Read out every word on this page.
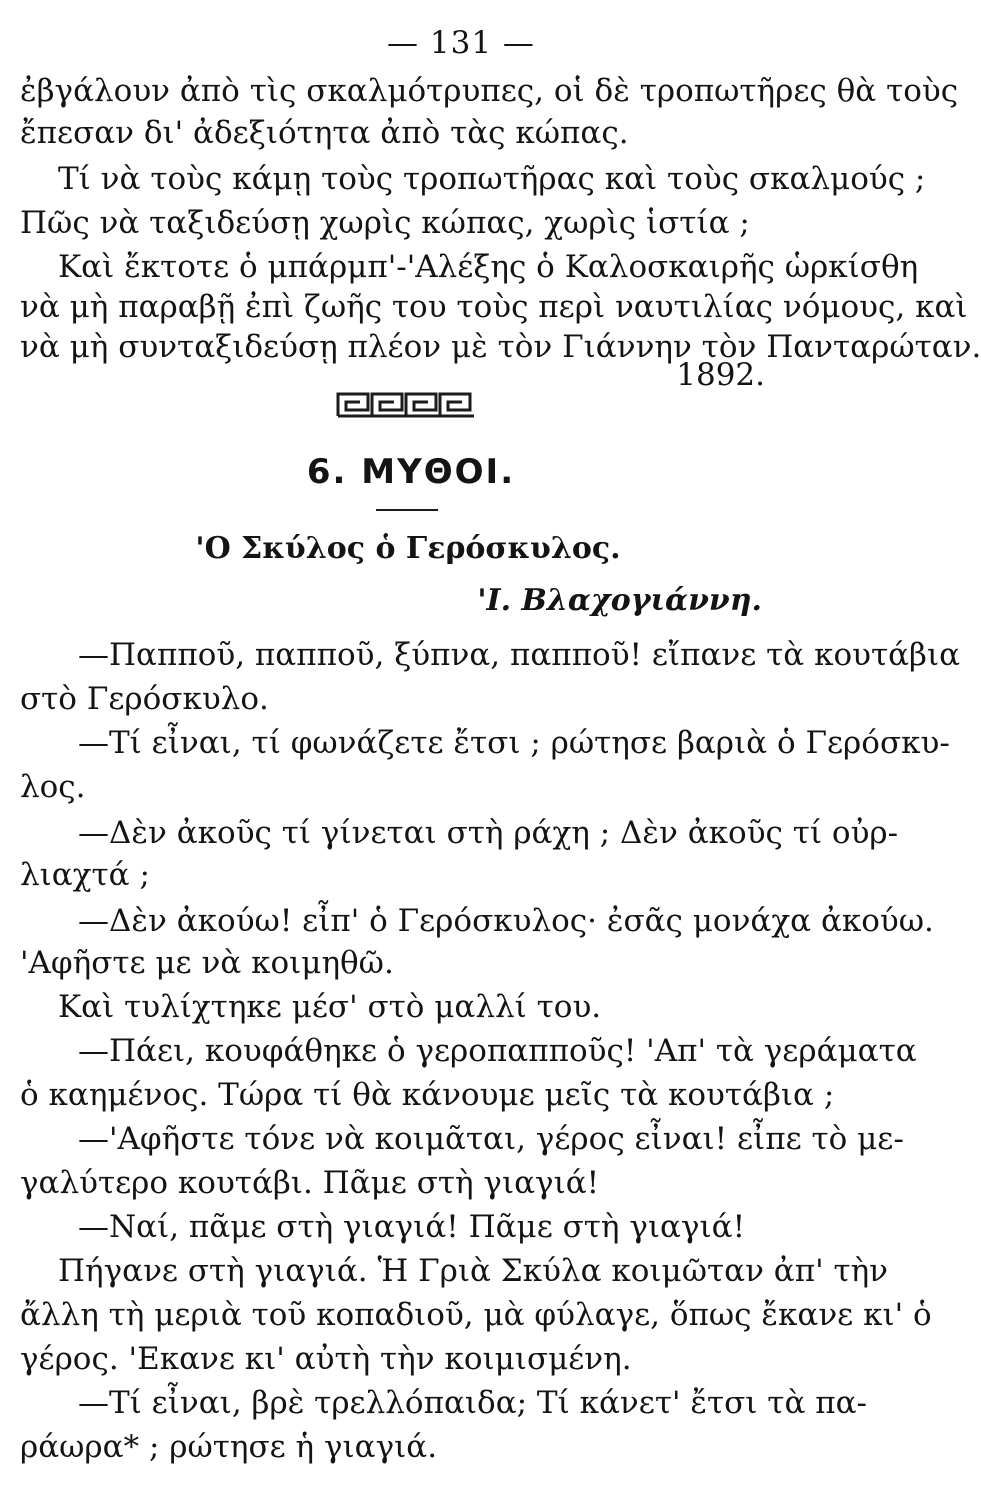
— 131 —
ἐβγάλουν ἀπὸ τὶς σκαλμότρυπες, οἱ δὲ τροπωτῆρες θὰ τοὺς
ἔπεσαν δι' ἀδεξιότητα ἀπὸ τὰς κώπας.
Τί νὰ τοὺς κάμῃ τοὺς τροπωτῆρας καὶ τοὺς σκαλμούς ;
Πῶς νὰ ταξιδεύσῃ χωρὶς κώπας, χωρὶς ἱστία ;
Καὶ ἔκτοτε ὁ μπάρμπ'-'Αλέξης ὁ Καλοσκαιρῆς ὡρκίσθη
νὰ μὴ παραβῇ ἐπὶ ζωῆς του τοὺς περὶ ναυτιλίας νόμους, καὶ
νὰ μὴ συνταξιδεύσῃ πλέον μὲ τὸν Γιάννην τὸν Πανταρώταν.
1892.
6. ΜΥΘΟΙ.
'Ο Σκύλος ὁ Γερόσκυλος.
'Ι. Βλαχογιάννη.
—Παπποῦ, παπποῦ, ξύπνα, παπποῦ! εἴπανε τὰ κουτάβια
στὸ Γερόσκυλο.
—Τί εἶναι, τί φωνάζετε ἔτσι ; ρώτησε βαριὰ ὁ Γερόσκυ-
λος.
—Δὲν ἀκοῦς τί γίνεται στὴ ράχη ; Δὲν ἀκοῦς τί οὐρ-
λιαχτά ;
—Δὲν ἀκούω! εἶπ' ὁ Γερόσκυλος· ἐσᾶς μονάχα ἀκούω.
'Αφῆστε με νὰ κοιμηθῶ.
Καὶ τυλίχτηκε μέσ' στὸ μαλλί του.
—Πάει, κουφάθηκε ὁ γεροπαπποῦς! 'Απ' τὰ γεράματα
ὁ καημένος. Τώρα τί θὰ κάνουμε μεῖς τὰ κουτάβια ;
—'Αφῆστε τόνε νὰ κοιμᾶται, γέρος εἶναι! εἶπε τὸ με-
γαλύτερο κουτάβι. Πᾶμε στὴ γιαγιά!
—Ναί, πᾶμε στὴ γιαγιά! Πᾶμε στὴ γιαγιά!
Πήγανε στὴ γιαγιά. Ἡ Γριὰ Σκύλα κοιμῶταν ἀπ' τὴν
ἄλλη τὴ μεριὰ τοῦ κοπαδιοῦ, μὰ φύλαγε, ὅπως ἔκανε κι' ὁ
γέρος. 'Εκανε κι' αὐτὴ τὴν κοιμισμένη.
—Τί εἶναι, βρὲ τρελλόπαιδα; Τί κάνετ' ἔτσι τὰ πα-
ράωρα* ; ρώτησε ἡ γιαγιά.
